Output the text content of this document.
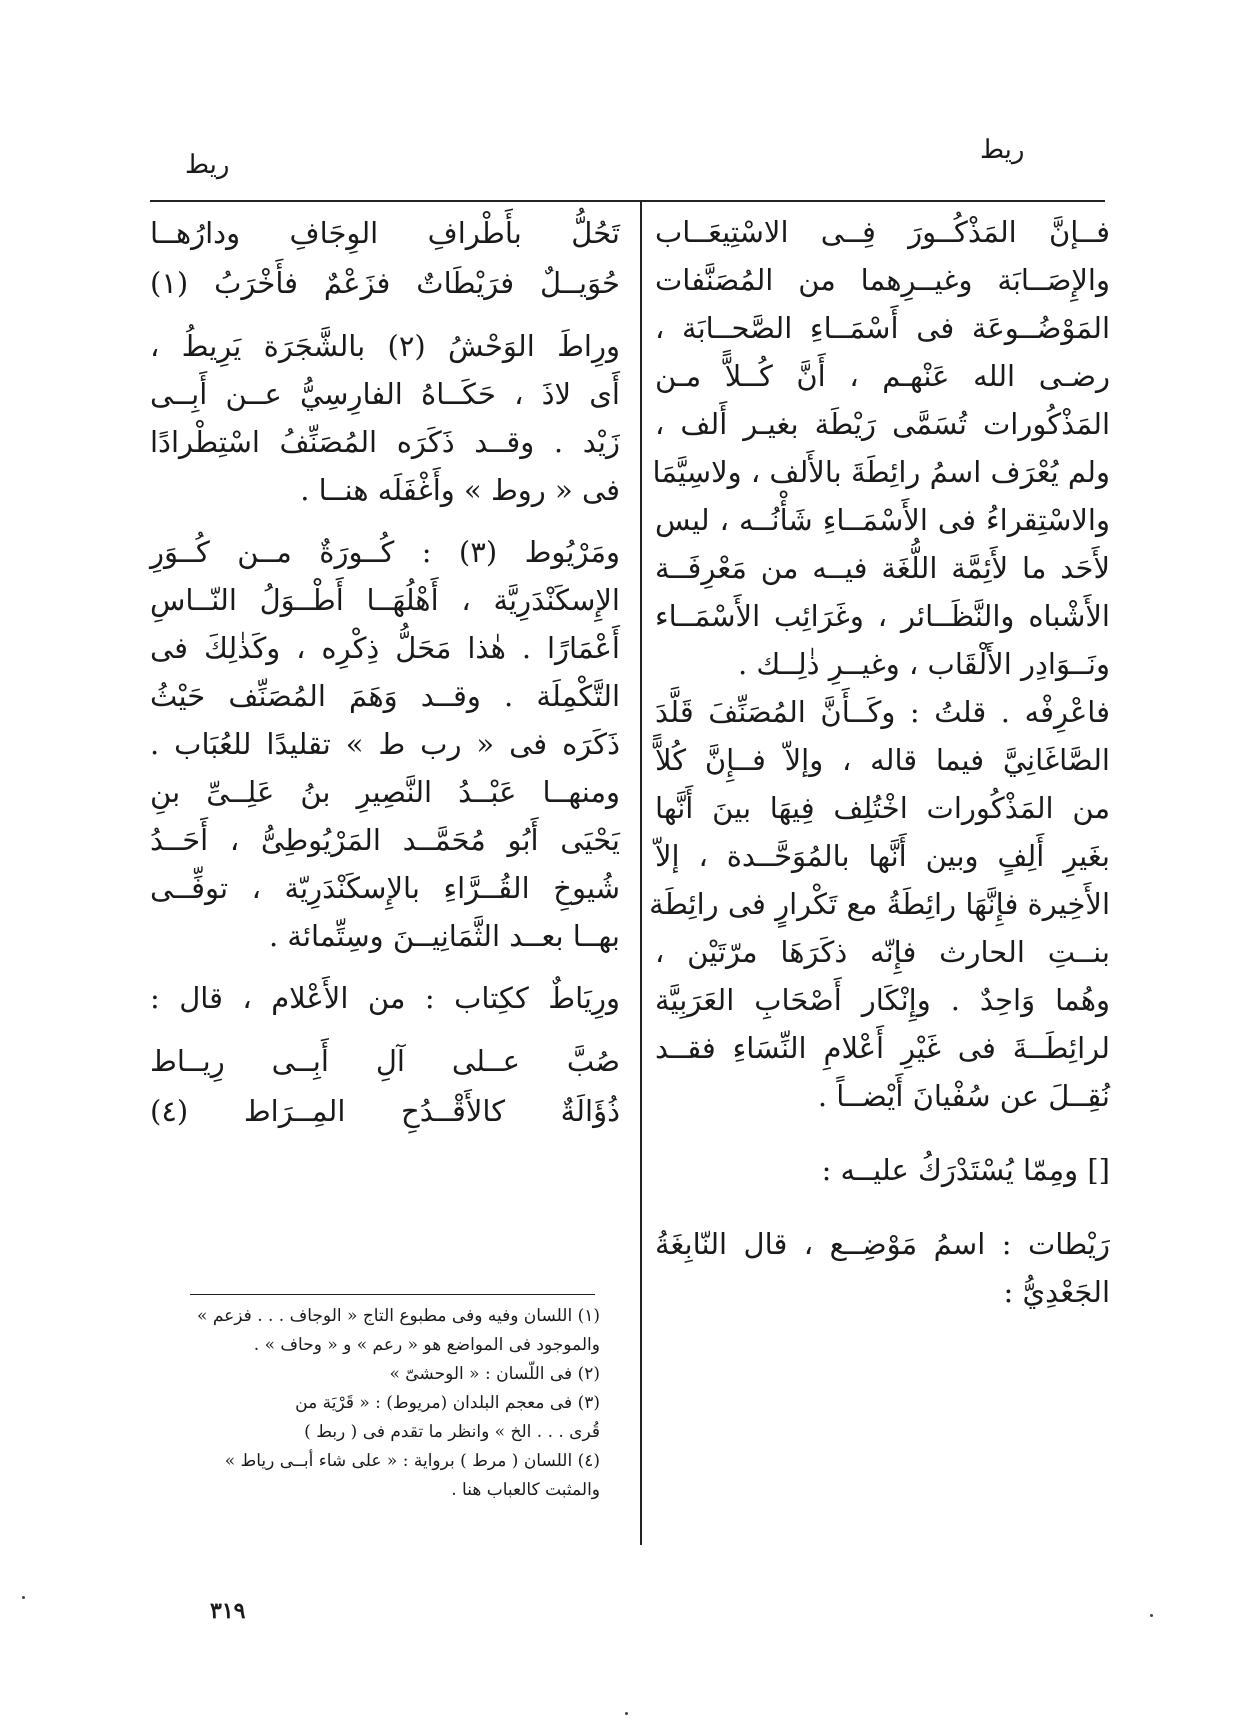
ريط
ريط
فــإنَّ المَذْكُــورَ فِــى الاسْتِيعَــاب
والإِصَــابَة وغيــرِهما من المُصَنَّفات
المَوْضُــوعَة فى أَسْمَــاءِ الصَّحــابَة ،
رضـى الله عَنْهـم ، أَنَّ كُــلاًّ مـن
المَذْكُورات تُسَمَّى رَيْطَة بغيـر أَلف ،
ولم يُعْرَف اسمُ رائِطَةَ بالأَلف ، ولاسِيَّمَا
والاسْتِقراءُ فى الأَسْمَــاءِ شَأْنُــه ، ليس
لأَحَد ما لأَئِمَّة اللُّغَة فيــه من مَعْرِفَــة
الأَشْباه والنَّظَــائر ، وغَرَائِب الأَسْمَــاء
ونَــوَادِر الأَلْقَاب ، وغيــرِ ذٰلِــك .
فاعْرِفْه . قلتُ : وكَــأَنَّ المُصَنِّفَ قَلَّدَ
الصَّاغَانِيَّ فيما قاله ، وإلاّ فــإِنَّ كُلاًّ
من المَذْكُورات اخْتُلِف فِيهَا بينَ أَنَّها
بغَيرِ أَلِفٍ وبين أَنَّها بالمُوَحَّــدة ، إلاّ
الأَخِيرة فإِنَّهَا رائِطَةُ مع تَكْرارٍ فى رائِطَة
بنــتِ الحارث فإِنّه ذكَرَهَا مرّتَيْن ،
وهُما وَاحِدٌ . وإِنْكَار أَصْحَابِ العَرَبِيَّة
لرائِطَــةَ فى غَيْرِ أَعْلامِ النِّسَاءِ فقــد
نُقِــلَ عن سُفْيانَ أَيْضــاً .
[] ومِمّا يُسْتَدْرَكُ عليــه :
رَيْطات : اسمُ مَوْضِــع ، قال النّابِغَةُ
الجَعْدِيُّ :
تَحُلُّ بأَطْرافِ الوِجَافِ ودارُهــا
حُوَيــلٌ فرَيْطَاتٌ فزَعْمٌ فأَخْرَبُ (١)
ورِاطَ الوَحْشُ (٢) بالشَّجَرَة يَرِيطُ ،
أَى لاذَ ، حَكَــاهُ الفارِسِيُّ عــن أَبِــى
زَيْد . وقــد ذَكَرَه المُصَنِّفُ اسْتِطْرادًا
فى « روط » وأَغْفَلَه هنــا .
ومَرْيُوط (٣) : كُــورَةٌ مــن كُــوَرِ
الإِسكَنْدَرِيَّة ، أَهْلُهَــا أَطْــوَلُ النّــاسِ
أَعْمَارًا . هٰذا مَحَلُّ ذِكْرِه ، وكَذٰلِكَ فى
التَّكْمِلَة . وقــد وَهَمَ المُصَنِّف حَيْثُ
ذَكَرَه فى « رب ط » تقليدًا للعُبَاب .
ومنهــا عَبْــدُ النَّصِيرِ بنُ عَلِــىِّ بنِ
يَحْيَى أَبُو مُحَمَّــد المَرْيُوطِىُّ ، أَحَــدُ
شُيوخِ القُــرَّاءِ بالإِسكَنْدَرِيّة ، توفِّــى
بهــا بعــد الثَّمَانِيــنَ وسِتِّمائة .
ورِيَاطٌ ككِتاب : من الأَعْلام ، قال :
صُبَّ عــلى آلِ أَبِــى رِيــاط
ذُؤَالَةٌ كالأَقْــدُحِ المِــرَاط (٤)
(١) اللسان وفيه وفى مطبوع التاج « الوجاف . . . فزعم »
والموجود فى المواضع هو « رعم » و « وحاف » .
(٢) فى اللّسان : « الوحشىّ »
(٣) فى معجم البلدان (مريوط) : « قَرْيَة من
قُرى . . . الخ » وانظر ما تقدم فى ( ربط )
(٤) اللسان ( مرط ) برواية : « على شاء أبــى رياط »
والمثبت كالعباب هنا .
٣١٩
